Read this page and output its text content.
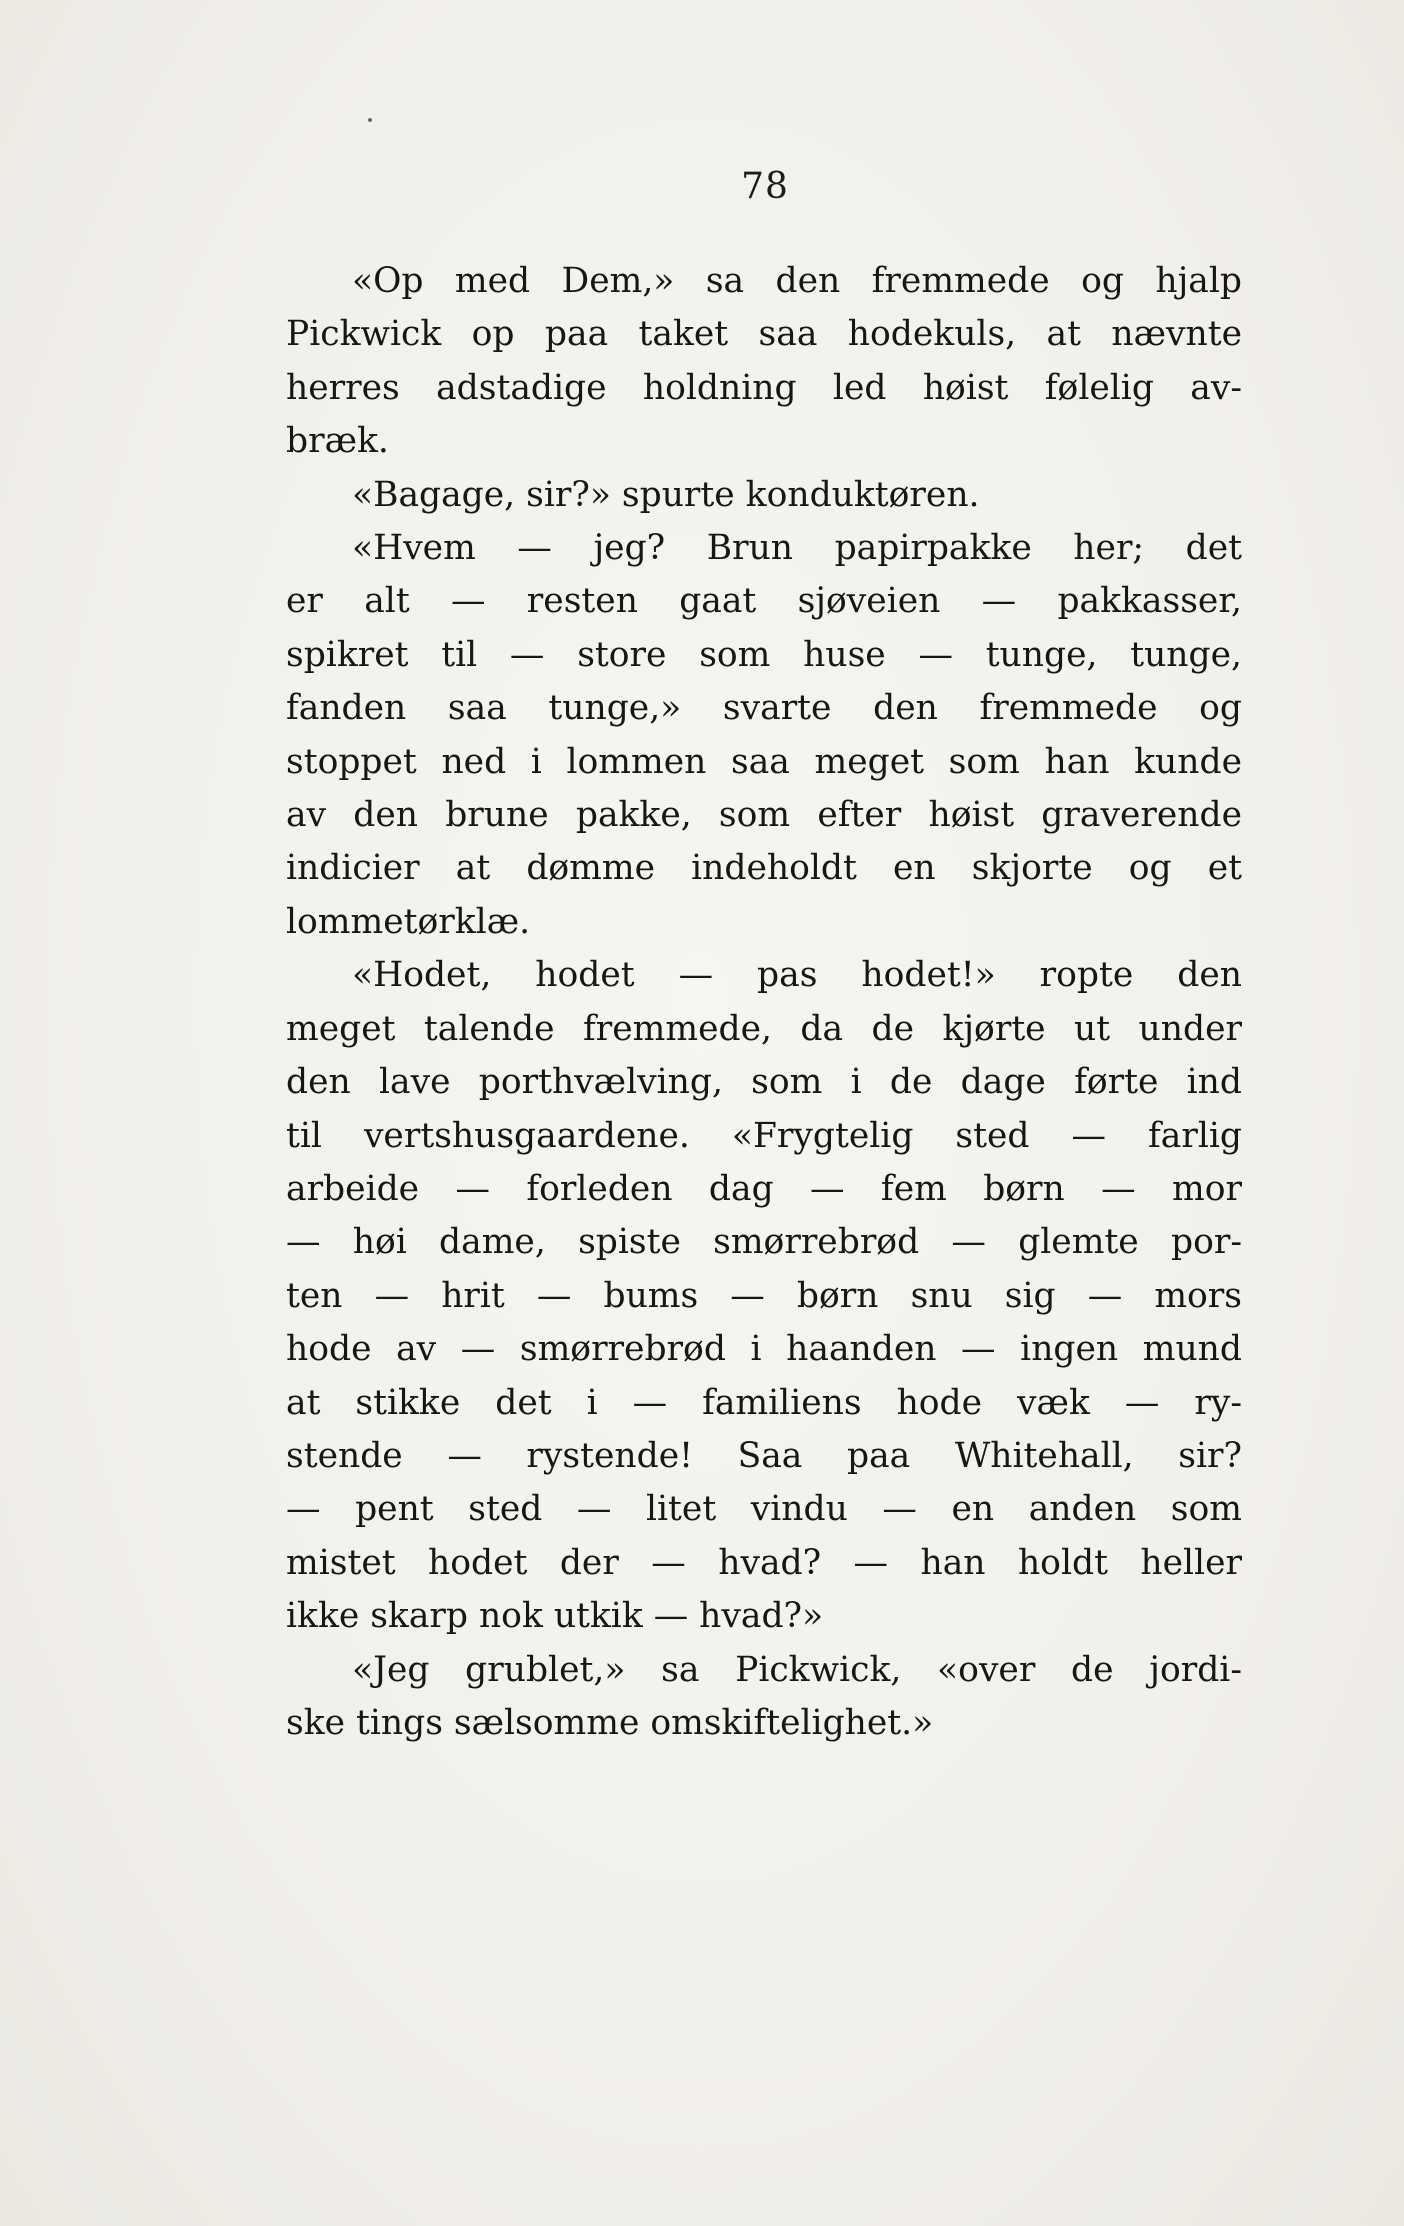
78
«Op med Dem,» sa den fremmede og hjalp
Pickwick op paa taket saa hodekuls, at nævnte
herres adstadige holdning led høist følelig av-
bræk.
«Bagage, sir?» spurte konduktøren.
«Hvem — jeg? Brun papirpakke her; det
er alt — resten gaat sjøveien — pakkasser,
spikret til — store som huse — tunge, tunge,
fanden saa tunge,» svarte den fremmede og
stoppet ned i lommen saa meget som han kunde
av den brune pakke, som efter høist graverende
indicier at dømme indeholdt en skjorte og et
lommetørklæ.
«Hodet, hodet — pas hodet!» ropte den
meget talende fremmede, da de kjørte ut under
den lave porthvælving, som i de dage førte ind
til vertshusgaardene. «Frygtelig sted — farlig
arbeide — forleden dag — fem børn — mor
— høi dame, spiste smørrebrød — glemte por-
ten — hrit — bums — børn snu sig — mors
hode av — smørrebrød i haanden — ingen mund
at stikke det i — familiens hode væk — ry-
stende — rystende! Saa paa Whitehall, sir?
— pent sted — litet vindu — en anden som
mistet hodet der — hvad? — han holdt heller
ikke skarp nok utkik — hvad?»
«Jeg grublet,» sa Pickwick, «over de jordi-
ske tings sælsomme omskiftelighet.»
